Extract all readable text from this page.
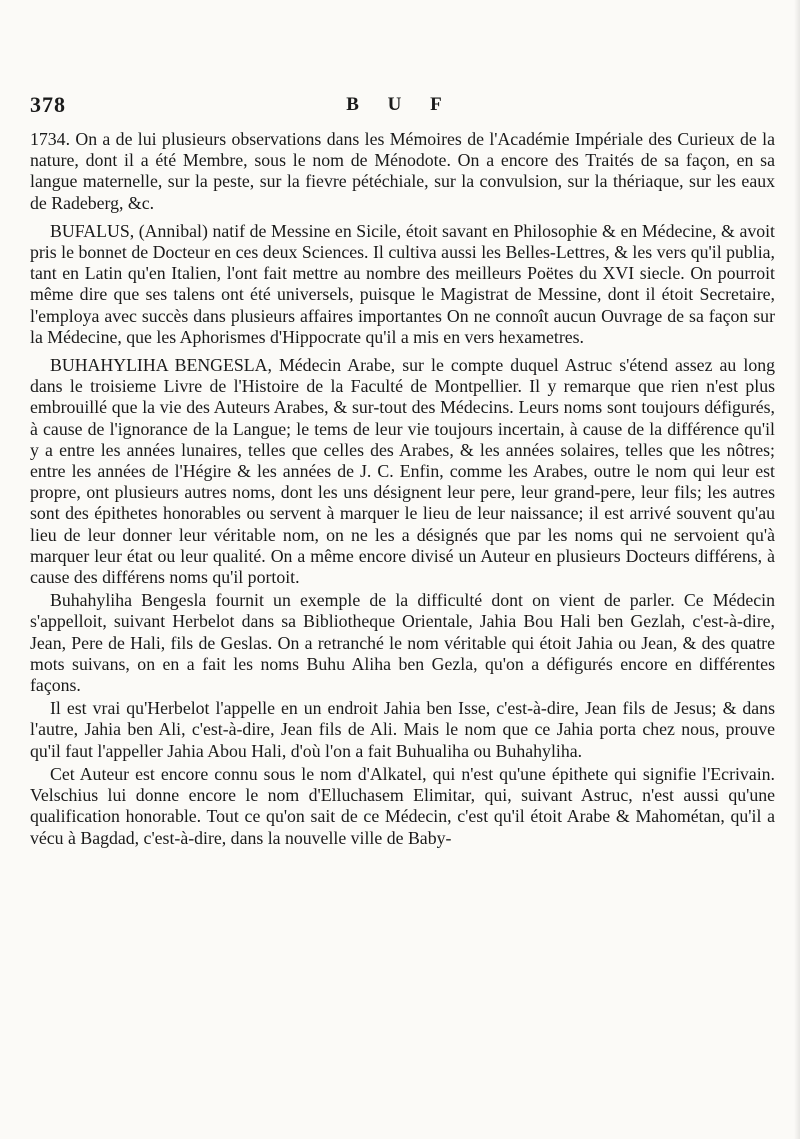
378	B U F

1734. On a de lui plusieurs observations dans les Mémoires de l'Académie Impériale des Curieux de la nature, dont il a été Membre, sous le nom de Ménodote. On a encore des Traités de sa façon, en sa langue maternelle, sur la peste, sur la fievre pétéchiale, sur la convulsion, sur la thériaque, sur les eaux de Radeberg, &c.

BUFALUS, (Annibal) natif de Messine en Sicile, étoit savant en Philosophie & en Médecine, & avoit pris le bonnet de Docteur en ces deux Sciences. Il cultiva aussi les Belles-Lettres, & les vers qu'il publia, tant en Latin qu'en Italien, l'ont fait mettre au nombre des meilleurs Poëtes du XVI siecle. On pourroit même dire que ses talens ont été universels, puisque le Magistrat de Messine, dont il étoit Secretaire, l'employa avec succès dans plusieurs affaires importantes On ne connoît aucun Ouvrage de sa façon sur la Médecine, que les Aphorismes d'Hippocrate qu'il a mis en vers hexametres.

BUHAHYLIHA BENGESLA, Médecin Arabe, sur le compte duquel Astruc s'étend assez au long dans le troisieme Livre de l'Histoire de la Faculté de Montpellier. Il y remarque que rien n'est plus embrouillé que la vie des Auteurs Arabes, & sur-tout des Médecins. Leurs noms sont toujours défigurés, à cause de l'ignorance de la Langue; le tems de leur vie toujours incertain, à cause de la différence qu'il y a entre les années lunaires, telles que celles des Arabes, & les années solaires, telles que les nôtres; entre les années de l'Hégire & les années de J. C. Enfin, comme les Arabes, outre le nom qui leur est propre, ont plusieurs autres noms, dont les uns désignent leur pere, leur grand-pere, leur fils; les autres sont des épithetes honorables ou servent à marquer le lieu de leur naissance; il est arrivé souvent qu'au lieu de leur donner leur véritable nom, on ne les a désignés que par les noms qui ne servoient qu'à marquer leur état ou leur qualité. On a même encore divisé un Auteur en plusieurs Docteurs différens, à cause des différens noms qu'il portoit.

Buhahyliha Bengesla fournit un exemple de la difficulté dont on vient de parler. Ce Médecin s'appelloit, suivant Herbelot dans sa Bibliotheque Orientale, Jahia Bou Hali ben Gezlah, c'est-à-dire, Jean, Pere de Hali, fils de Geslas. On a retranché le nom véritable qui étoit Jahia ou Jean, & des quatre mots suivans, on en a fait les noms Buhu Aliha ben Gezla, qu'on a défigurés encore en différentes façons.

Il est vrai qu'Herbelot l'appelle en un endroit Jahia ben Isse, c'est-à-dire, Jean fils de Jesus; & dans l'autre, Jahia ben Ali, c'est-à-dire, Jean fils de Ali. Mais le nom que ce Jahia porta chez nous, prouve qu'il faut l'appeller Jahia Abou Hali, d'où l'on a fait Buhualiha ou Buhahyliha.

Cet Auteur est encore connu sous le nom d'Alkatel, qui n'est qu'une épithete qui signifie l'Ecrivain. Velschius lui donne encore le nom d'Elluchasem Elimitar, qui, suivant Astruc, n'est aussi qu'une qualification honorable. Tout ce qu'on sait de ce Médecin, c'est qu'il étoit Arabe & Mahométan, qu'il a vécu à Bagdad, c'est-à-dire, dans la nouvelle ville de Baby-
